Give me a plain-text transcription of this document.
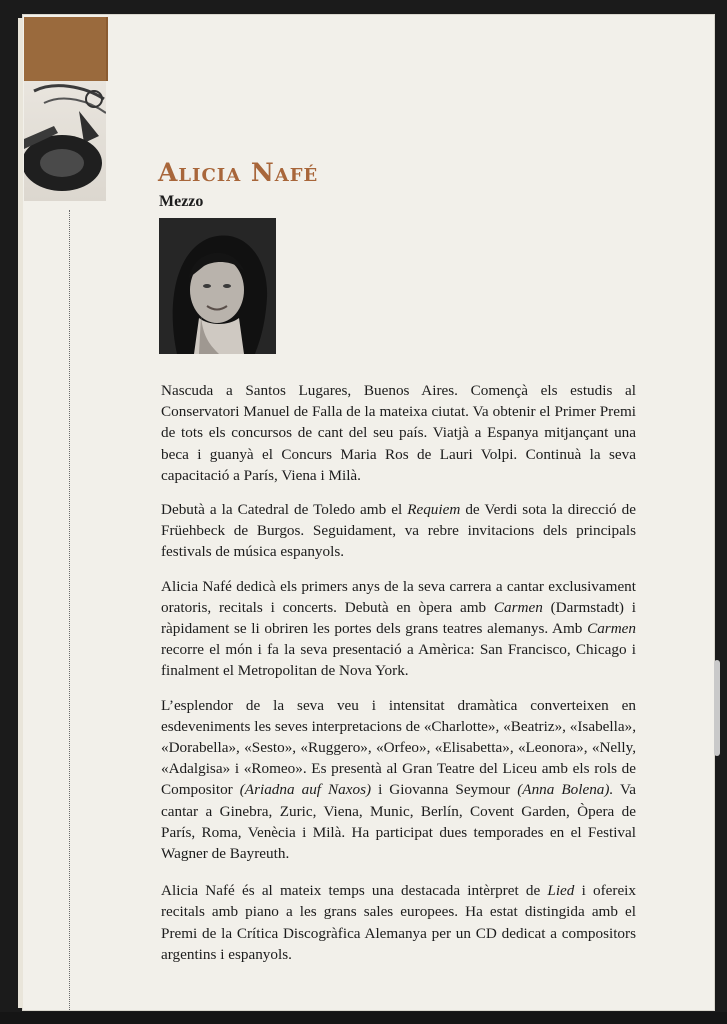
Alicia Nafé
Mezzo

Nascuda a Santos Lugares, Buenos Aires. Començà els estudis al Conservatori Manuel de Falla de la mateixa ciutat. Va obtenir el Primer Premi de tots els concursos de cant del seu país. Viatjà a Espanya mitjançant una beca i guanyà el Concurs Maria Ros de Lauri Volpi. Continuà la seva capacitació a París, Viena i Milà.

Debutà a la Catedral de Toledo amb el Requiem de Verdi sota la direcció de Früehbeck de Burgos. Seguidament, va rebre invitacions dels principals festivals de música espanyols.

Alicia Nafé dedicà els primers anys de la seva carrera a cantar exclusivament oratoris, recitals i concerts. Debutà en òpera amb Carmen (Darmstadt) i ràpidament se li obriren les portes dels grans teatres alemanys. Amb Carmen recorre el món i fa la seva presentació a Amèrica: San Francisco, Chicago i finalment el Metropolitan de Nova York.

L’esplendor de la seva veu i intensitat dramàtica converteixen en esdeveniments les seves interpretacions de «Charlotte», «Beatriz», «Isabella», «Dorabella», «Sesto», «Ruggero», «Orfeo», «Elisabetta», «Leonora», «Nelly, «Adalgisa» i «Romeo». Es presentà al Gran Teatre del Liceu amb els rols de Compositor (Ariadna auf Naxos) i Giovanna Seymour (Anna Bolena). Va cantar a Ginebra, Zuric, Viena, Munic, Berlín, Covent Garden, Òpera de París, Roma, Venècia i Milà. Ha participat dues temporades en el Festival Wagner de Bayreuth.

Alicia Nafé és al mateix temps una destacada intèrpret de Lied i ofereix recitals amb piano a les grans sales europees. Ha estat distingida amb el Premi de la Crítica Discogràfica Alemanya per un CD dedicat a compositors argentins i espanyols.
